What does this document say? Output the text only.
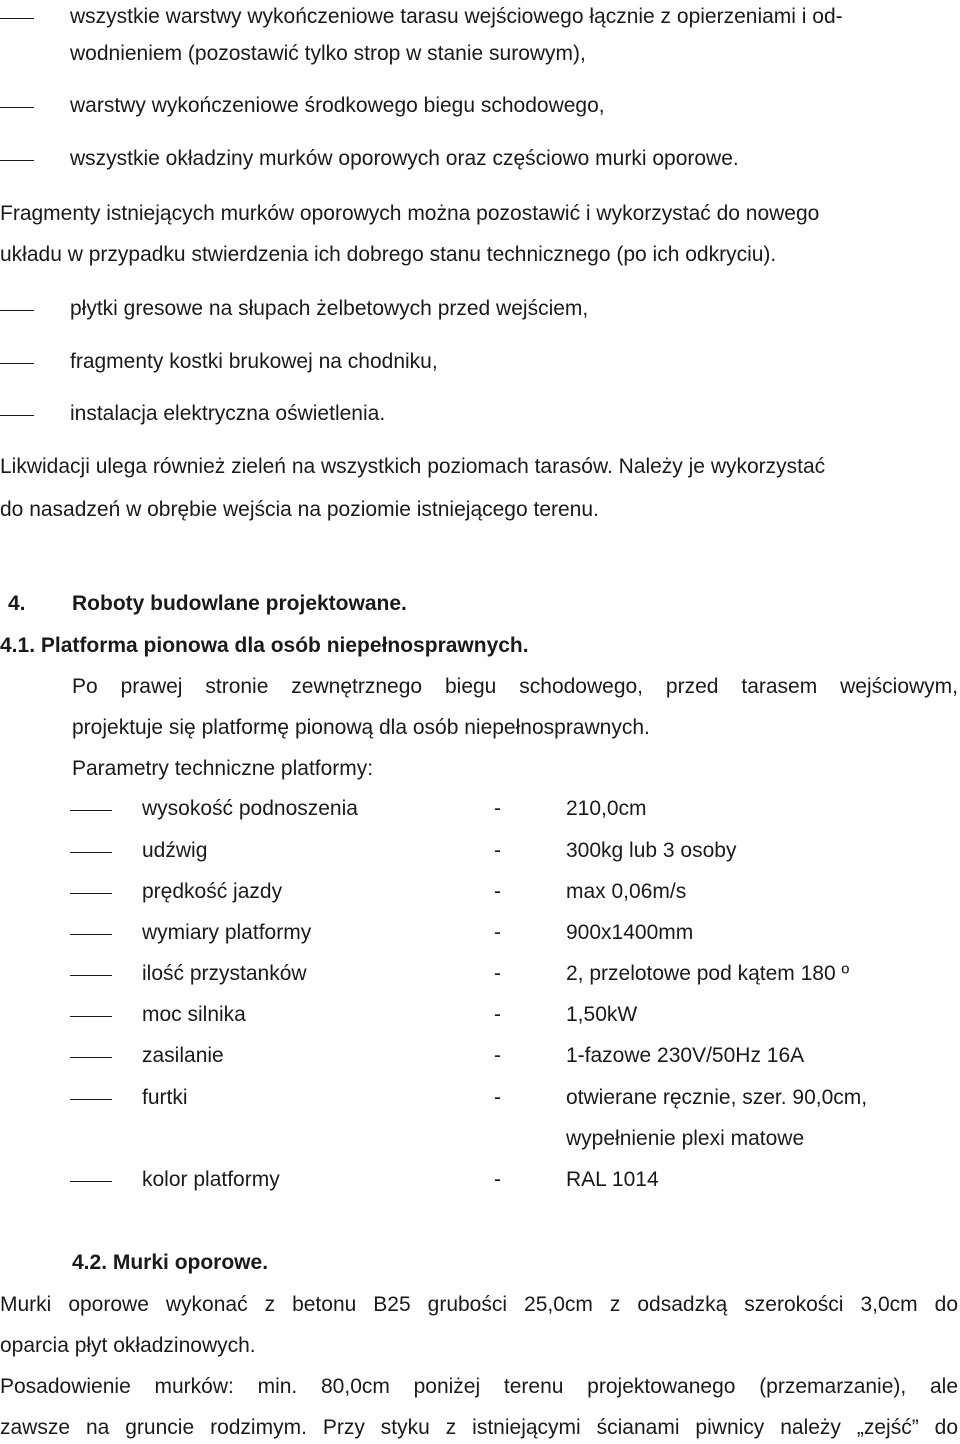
wszystkie warstwy wykończeniowe tarasu wejściowego łącznie z opierzeniami i od-
wodnieniem (pozostawić tylko strop w stanie surowym),
warstwy wykończeniowe środkowego biegu schodowego,
wszystkie okładziny murków oporowych oraz częściowo murki oporowe.
Fragmenty istniejących murków oporowych można pozostawić i wykorzystać do nowego
układu w przypadku stwierdzenia ich dobrego stanu technicznego (po ich odkryciu).
płytki gresowe na słupach żelbetowych przed wejściem,
fragmenty kostki brukowej na chodniku,
instalacja elektryczna oświetlenia.
Likwidacji ulega również zieleń na wszystkich poziomach tarasów. Należy je wykorzystać
do nasadzeń w obrębie wejścia na poziomie istniejącego terenu.
4. Roboty budowlane projektowane.
4.1. Platforma pionowa dla osób niepełnosprawnych.
Po prawej stronie zewnętrznego biegu schodowego, przed tarasem wejściowym,
projektuje się platformę pionową dla osób niepełnosprawnych.
Parametry techniczne platformy:
wysokość podnoszenia	-	210,0cm
udźwig	-	300kg lub 3 osoby
prędkość jazdy	-	max 0,06m/s
wymiary platformy	-	900x1400mm
ilość przystanków	-	2, przelotowe pod kątem 180 º
moc silnika	-	1,50kW
zasilanie	-	1-fazowe 230V/50Hz 16A
furtki	-	otwierane ręcznie, szer. 90,0cm,
wypełnienie plexi matowe
kolor platformy	-	RAL 1014
4.2. Murki oporowe.
Murki oporowe wykonać z betonu B25 grubości 25,0cm z odsadzką szerokości 3,0cm do
oparcia płyt okładzinowych.
Posadowienie murków: min. 80,0cm poniżej terenu projektowanego (przemarzanie), ale
zawsze na gruncie rodzimym. Przy styku z istniejącymi ścianami piwnicy należy „zejść” do
